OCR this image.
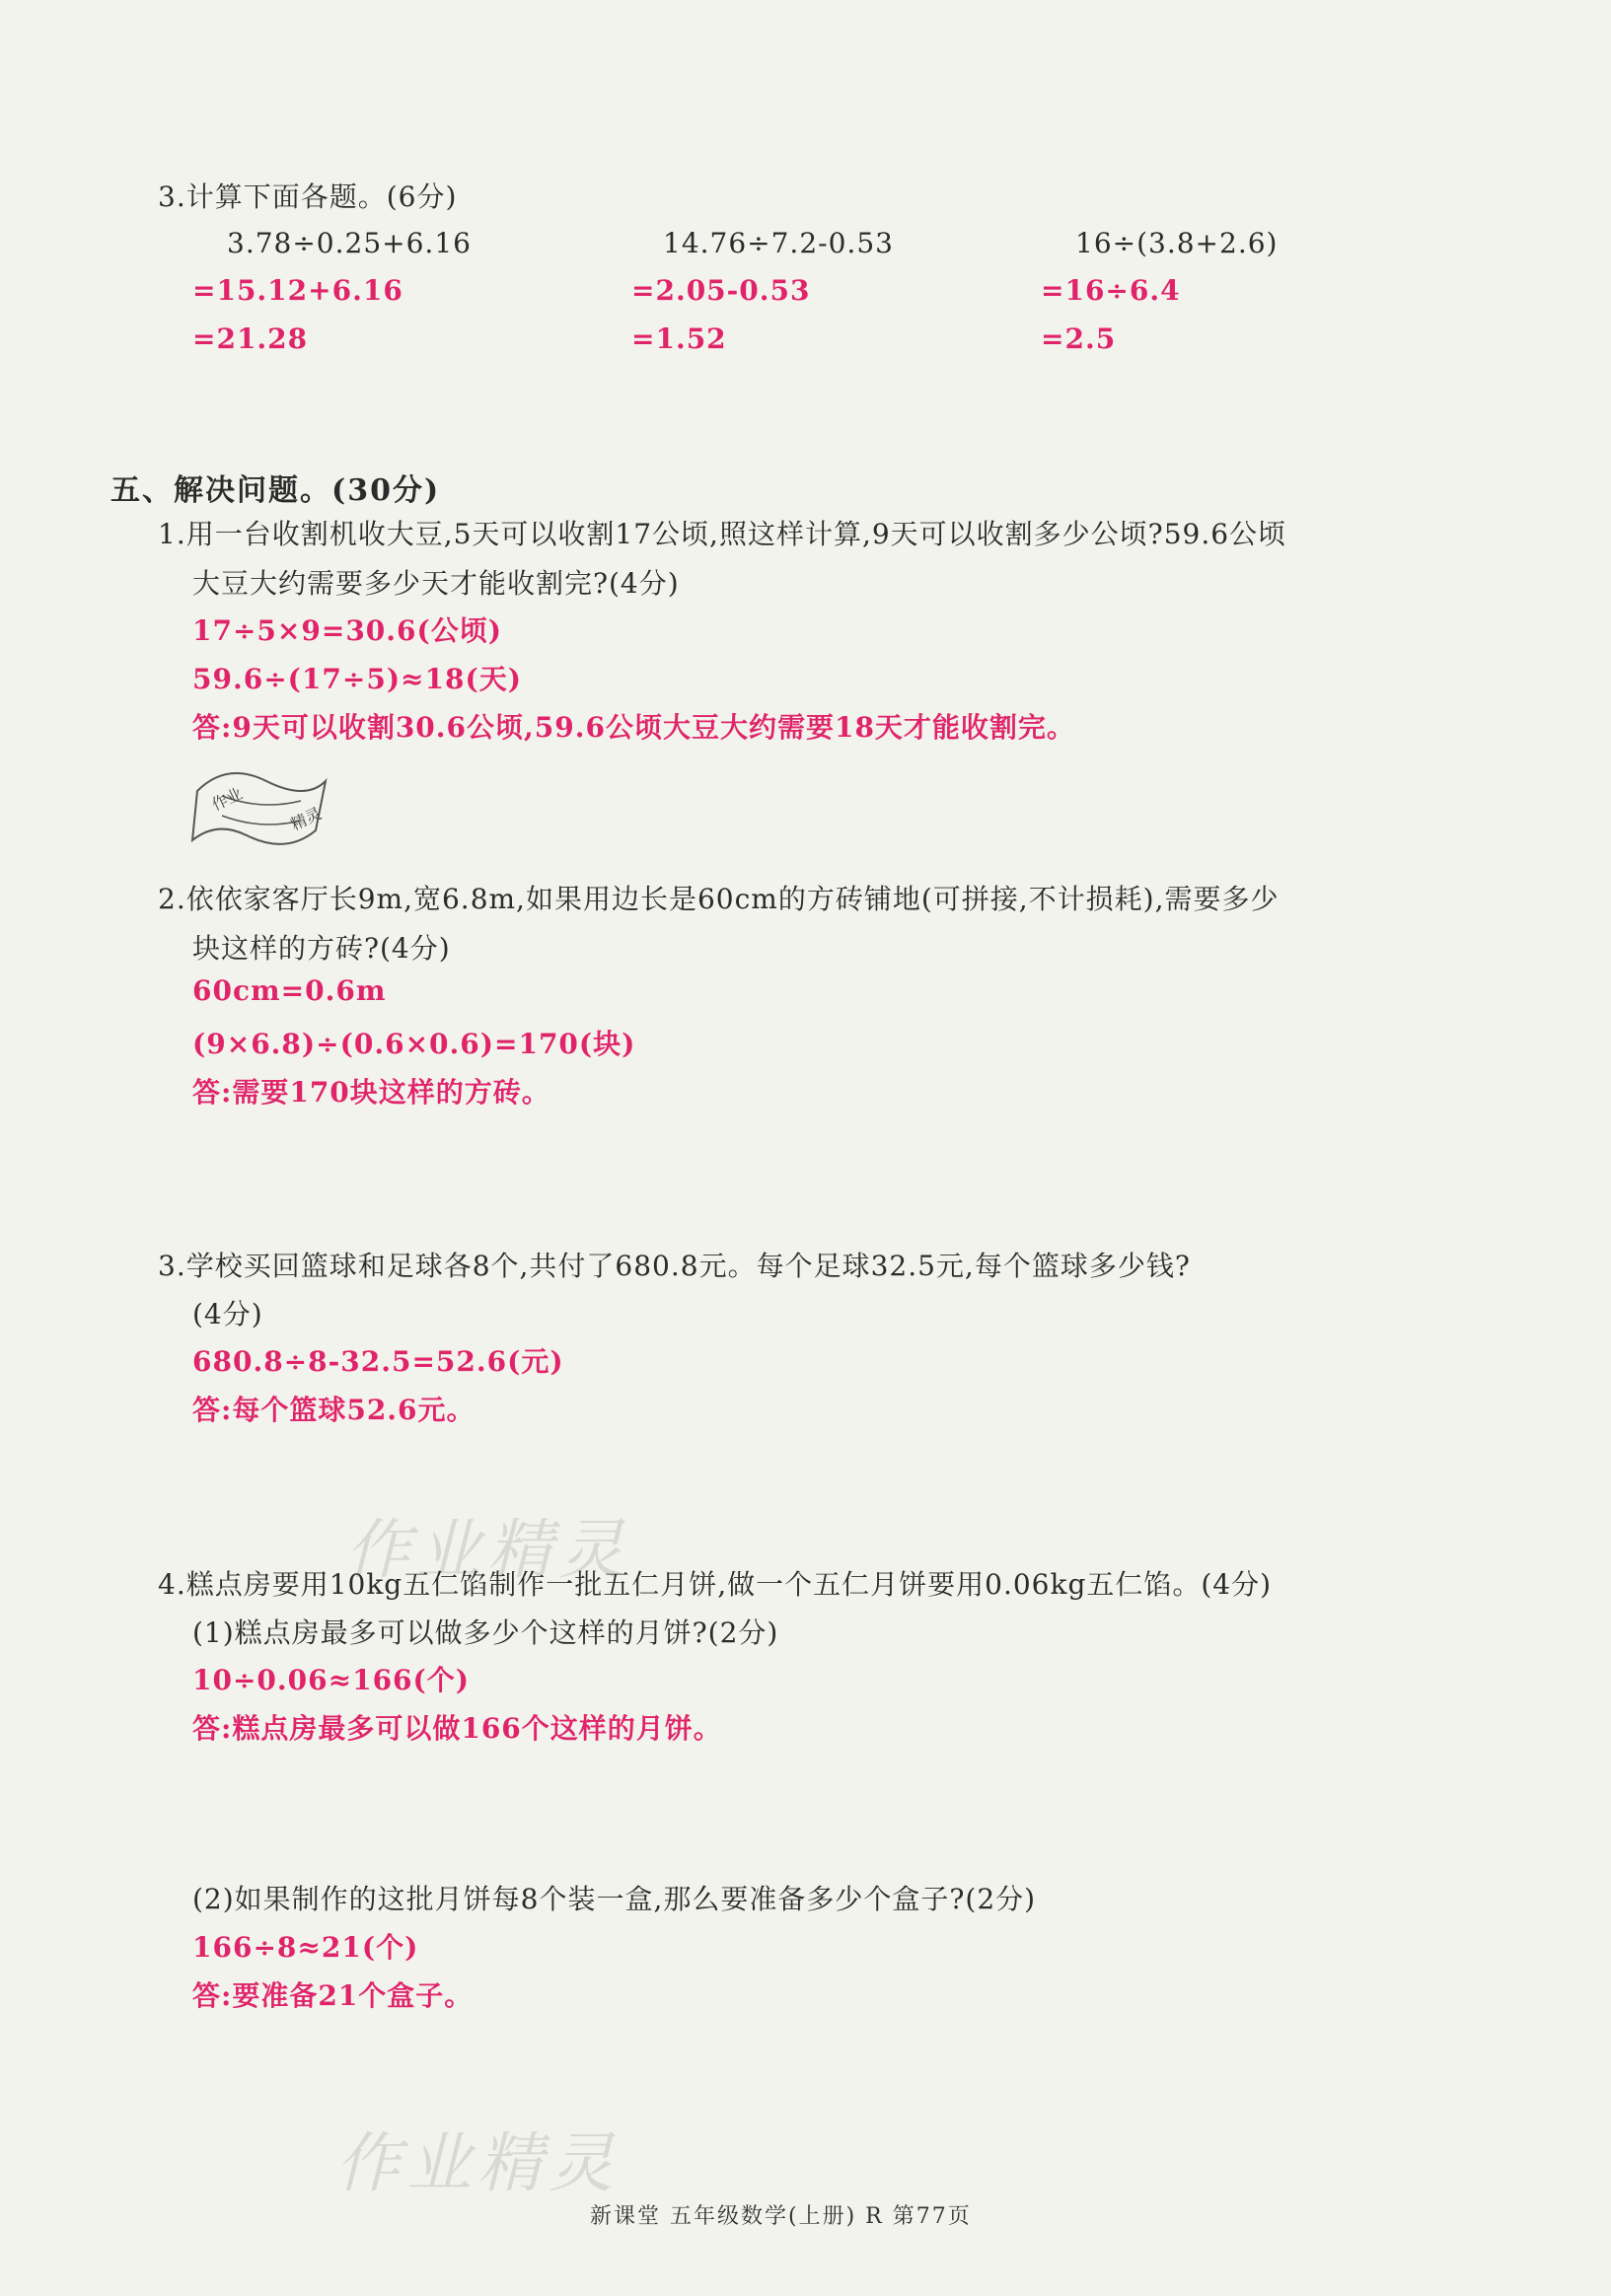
3.计算下面各题。(6分)
3.78÷0.25+6.16
=15.12+6.16
=21.28
14.76÷7.2-0.53
=2.05-0.53
=1.52
16÷(3.8+2.6)
=16÷6.4
=2.5
五、解决问题。(30分)
1.用一台收割机收大豆,5天可以收割17公顷,照这样计算,9天可以收割多少公顷?59.6公顷
大豆大约需要多少天才能收割完?(4分)
17÷5×9=30.6(公顷)
59.6÷(17÷5)≈18(天)
答:9天可以收割30.6公顷,59.6公顷大豆大约需要18天才能收割完。
作业
精灵
2.依依家客厅长9m,宽6.8m,如果用边长是60cm的方砖铺地(可拼接,不计损耗),需要多少
块这样的方砖?(4分)
60cm=0.6m
(9×6.8)÷(0.6×0.6)=170(块)
答:需要170块这样的方砖。
3.学校买回篮球和足球各8个,共付了680.8元。每个足球32.5元,每个篮球多少钱?
(4分)
680.8÷8-32.5=52.6(元)
答:每个篮球52.6元。
作业精灵
4.糕点房要用10kg五仁馅制作一批五仁月饼,做一个五仁月饼要用0.06kg五仁馅。(4分)
(1)糕点房最多可以做多少个这样的月饼?(2分)
10÷0.06≈166(个)
答:糕点房最多可以做166个这样的月饼。
(2)如果制作的这批月饼每8个装一盒,那么要准备多少个盒子?(2分)
166÷8≈21(个)
答:要准备21个盒子。
作业精灵
新课堂 五年级数学(上册) R 第77页
